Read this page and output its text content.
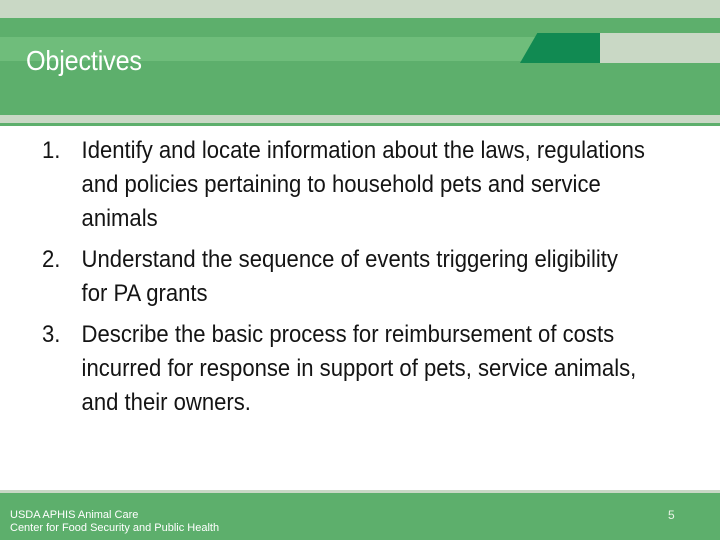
Objectives
1. Identify and locate information about the laws, regulations and policies pertaining to household pets and service animals
2. Understand the sequence of events triggering eligibility for PA grants
3. Describe the basic process for reimbursement of costs incurred for response in support of pets, service animals, and their owners.
USDA APHIS Animal Care
Center for Food Security and Public Health
5
